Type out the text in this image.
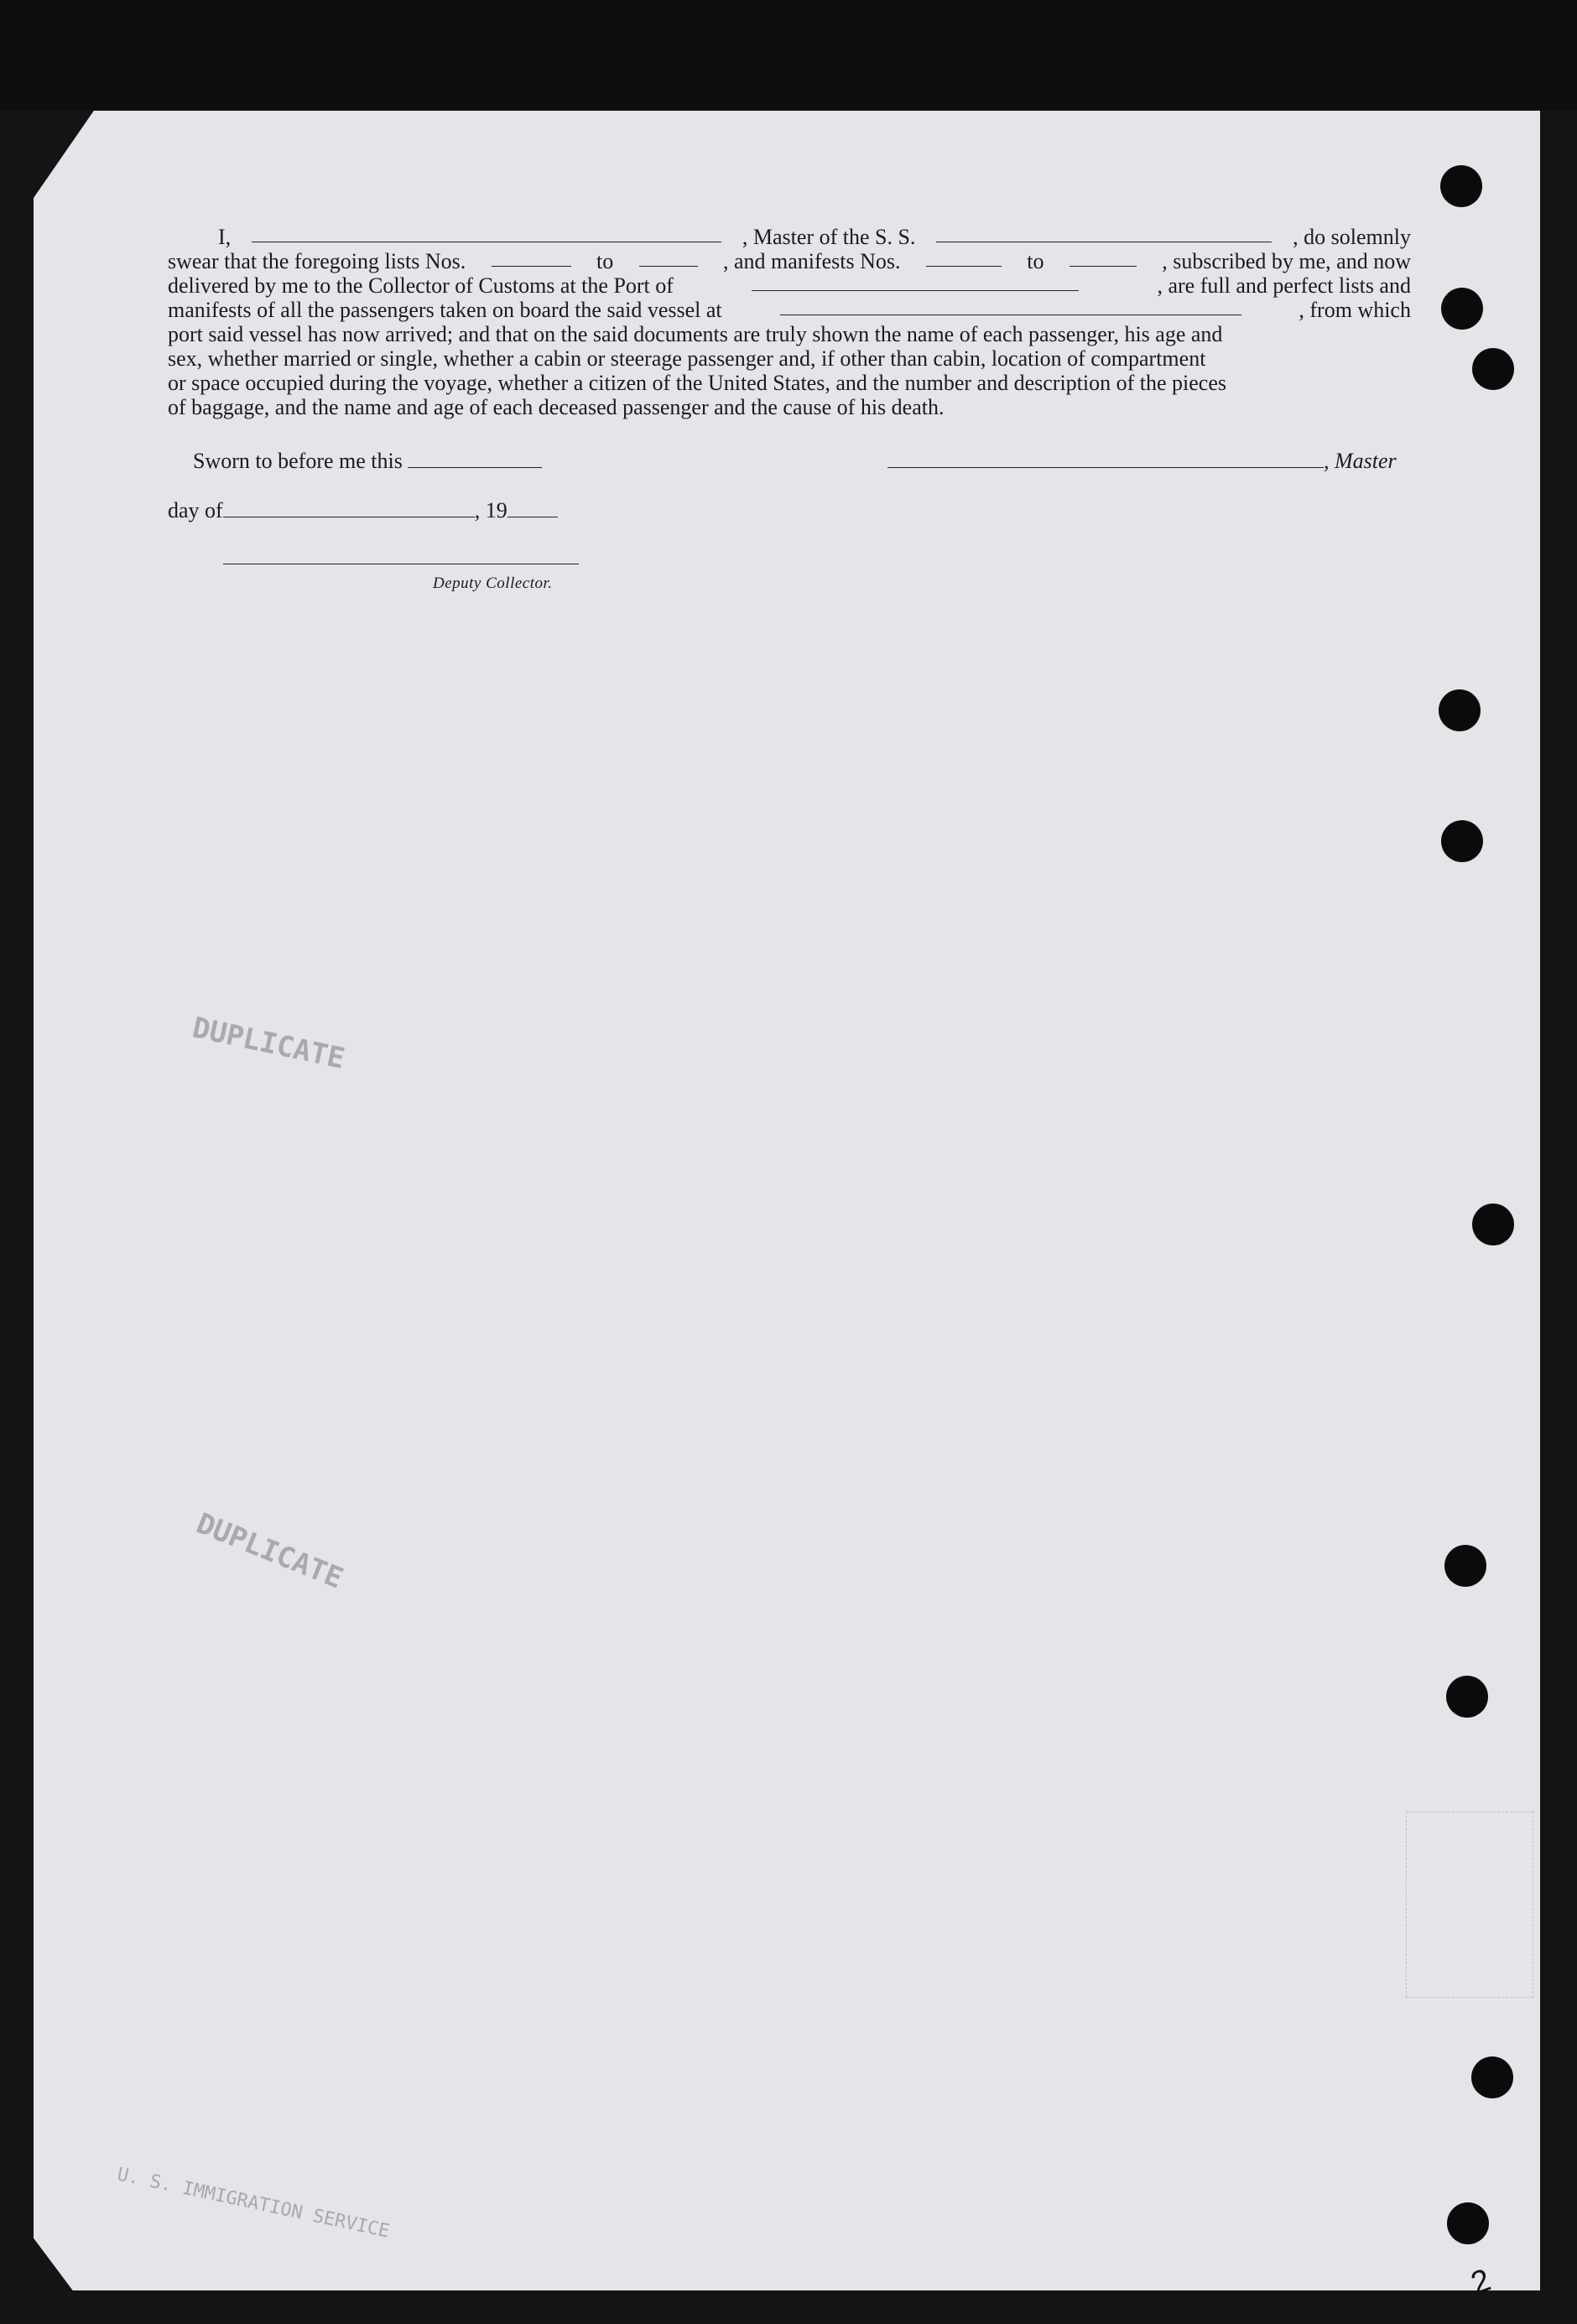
I,	, Master of the S. S.	, do solemnly
swear that the foregoing lists Nos.	to	, and manifests Nos.	to	, subscribed by me, and now
delivered by me to the Collector of Customs at the Port of	, are full and perfect lists and
manifests of all the passengers taken on board the said vessel at	, from which
port said vessel has now arrived; and that on the said documents are truly shown the name of each passenger, his age and
sex, whether married or single, whether a cabin or steerage passenger and, if other than cabin, location of compartment
or space occupied during the voyage, whether a citizen of the United States, and the number and description of the pieces
of baggage, and the name and age of each deceased passenger and the cause of his death.
Sworn to before me this	, Master
day of	, 19
Deputy Collector.
DUPLICATE
DUPLICATE
U. S. IMMIGRATION SERVICE
2
